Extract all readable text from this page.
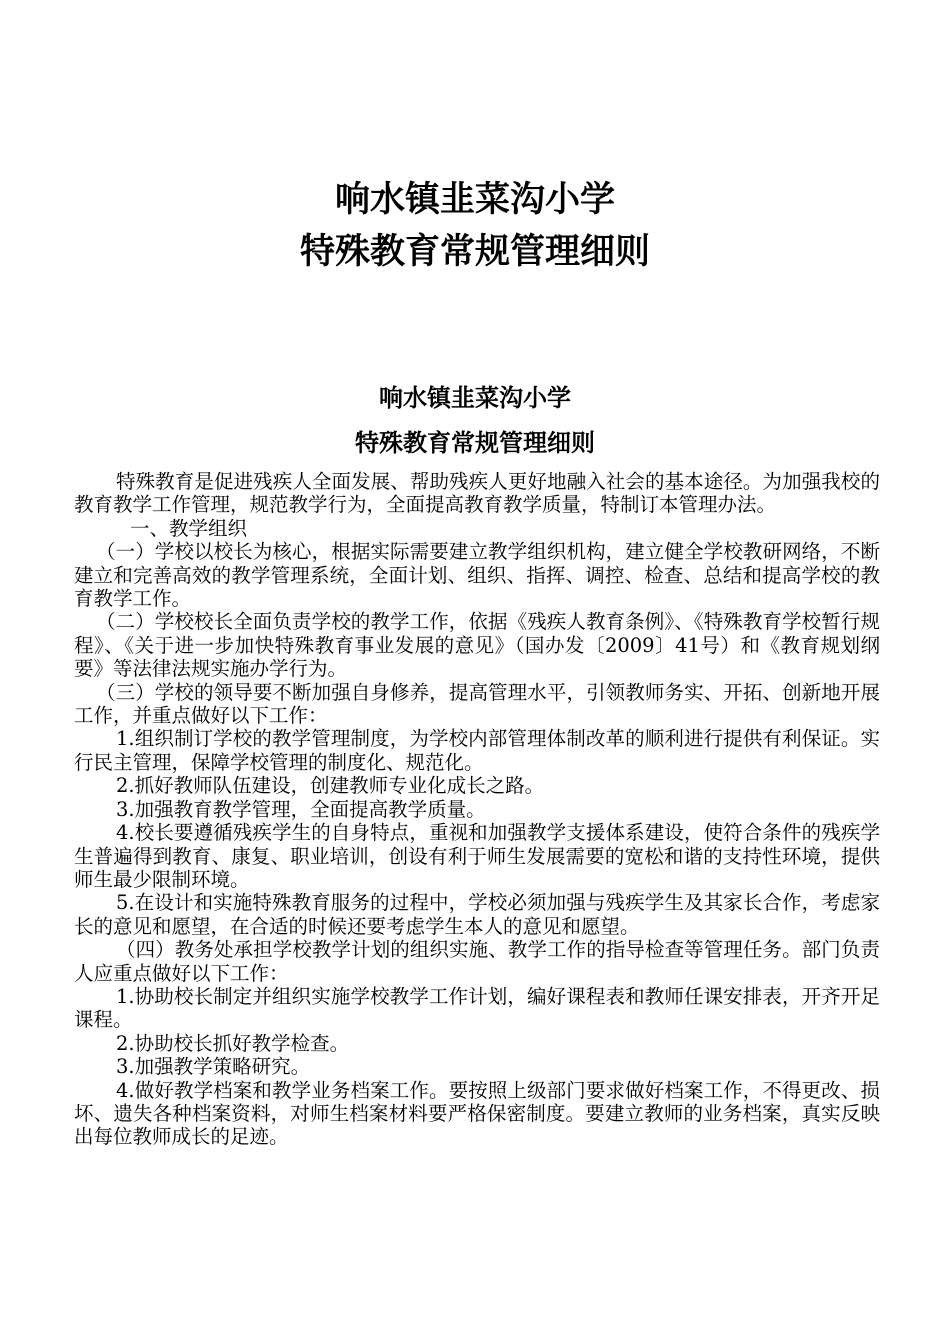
响水镇韭菜沟小学
特殊教育常规管理细则
响水镇韭菜沟小学
特殊教育常规管理细则

特殊教育是促进残疾人全面发展、帮助残疾人更好地融入社会的基本途径。为加强我校的教育教学工作管理，规范教学行为，全面提高教育教学质量，特制订本管理办法。

一、教学组织

（一）学校以校长为核心，根据实际需要建立教学组织机构，建立健全学校教研网络，不断建立和完善高效的教学管理系统，全面计划、组织、指挥、调控、检查、总结和提高学校的教育教学工作。

（二）学校校长全面负责学校的教学工作，依据《残疾人教育条例》、《特殊教育学校暂行规程》、《关于进一步加快特殊教育事业发展的意见》（国办发〔2009〕41号）和《教育规划纲要》等法律法规实施办学行为。

（三）学校的领导要不断加强自身修养，提高管理水平，引领教师务实、开拓、创新地开展工作，并重点做好以下工作：

1.组织制订学校的教学管理制度，为学校内部管理体制改革的顺利进行提供有利保证。实行民主管理，保障学校管理的制度化、规范化。

2.抓好教师队伍建设，创建教师专业化成长之路。

3.加强教育教学管理，全面提高教学质量。

4.校长要遵循残疾学生的自身特点，重视和加强教学支援体系建设，使符合条件的残疾学生普遍得到教育、康复、职业培训，创设有利于师生发展需要的宽松和谐的支持性环境，提供师生最少限制环境。

5.在设计和实施特殊教育服务的过程中，学校必须加强与残疾学生及其家长合作，考虑家长的意见和愿望，在合适的时候还要考虑学生本人的意见和愿望。

（四）教务处承担学校教学计划的组织实施、教学工作的指导检查等管理任务。部门负责人应重点做好以下工作：

1.协助校长制定并组织实施学校教学工作计划，编好课程表和教师任课安排表，开齐开足课程。

2.协助校长抓好教学检查。

3.加强教学策略研究。

4.做好教学档案和教学业务档案工作。要按照上级部门要求做好档案工作，不得更改、损坏、遗失各种档案资料，对师生档案材料要严格保密制度。要建立教师的业务档案，真实反映出每位教师成长的足迹。
